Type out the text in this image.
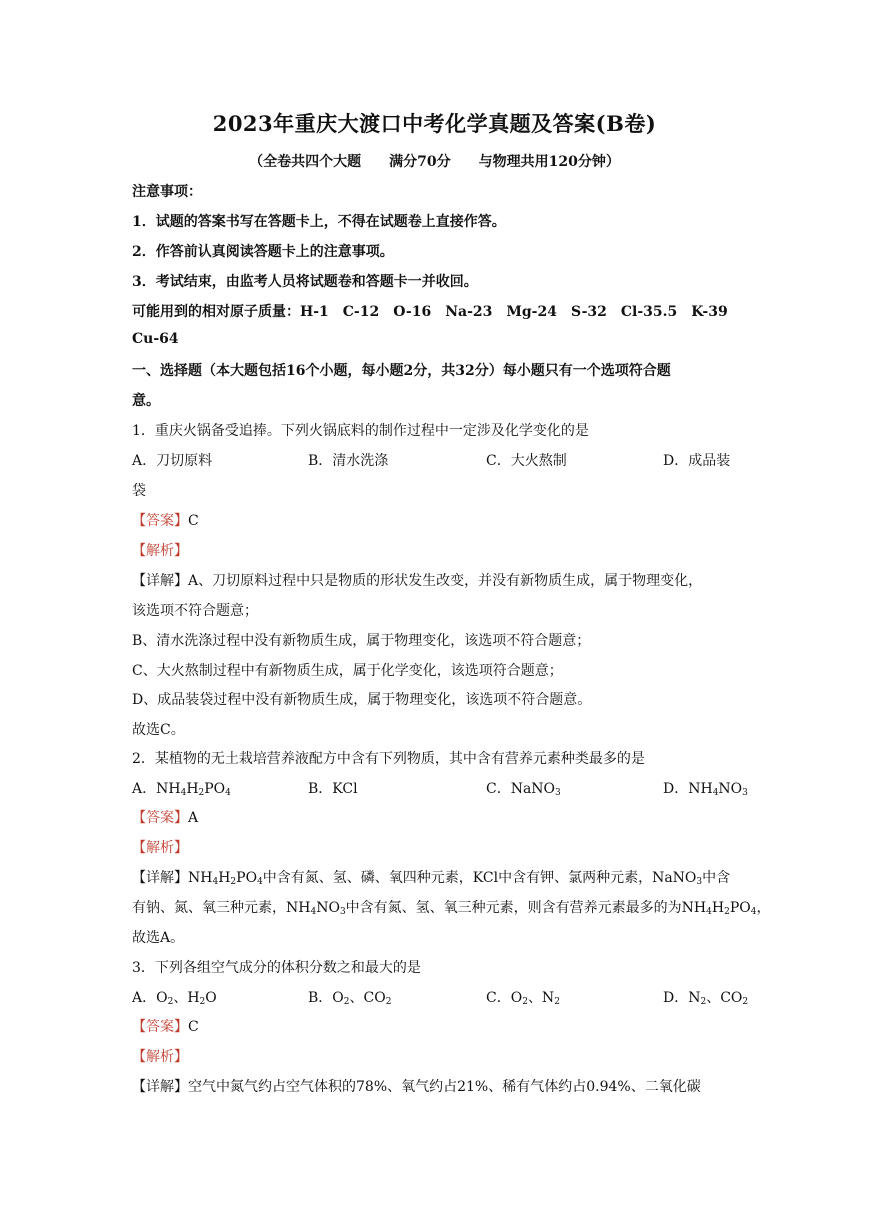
2023年重庆大渡口中考化学真题及答案(B卷)
（全卷共四个大题　　满分70分　　与物理共用120分钟）
注意事项：
1．试题的答案书写在答题卡上，不得在试题卷上直接作答。
2．作答前认真阅读答题卡上的注意事项。
3．考试结束，由监考人员将试题卷和答题卡一并收回。
可能用到的相对原子质量：H-1　C-12　O-16　Na-23　Mg-24　S-32　Cl-35.5　K-39
Cu-64
一、选择题（本大题包括16个小题，每小题2分，共32分）每小题只有一个选项符合题
意。
1．重庆火锅备受追捧。下列火锅底料的制作过程中一定涉及化学变化的是
A．刀切原料	B．清水洗涤	C．大火熬制	D．成品装
袋
【答案】C
【解析】
【详解】A、刀切原料过程中只是物质的形状发生改变，并没有新物质生成，属于物理变化，
该选项不符合题意；
B、清水洗涤过程中没有新物质生成，属于物理变化，该选项不符合题意；
C、大火熬制过程中有新物质生成，属于化学变化，该选项符合题意；
D、成品装袋过程中没有新物质生成，属于物理变化，该选项不符合题意。
故选C。
2．某植物的无土栽培营养液配方中含有下列物质，其中含有营养元素种类最多的是
A．$NH_4H_2PO_4$	B．KCl	C．NaNO$_3$	D．$NH_4NO_3$
【答案】A
【解析】
【详解】$NH_4H_2PO_4$中含有氮、氢、磷、氧四种元素，KCl中含有钾、氯两种元素，NaNO$_3$中含
有钠、氮、氧三种元素，$NH_4NO_3$中含有氮、氢、氧三种元素，则含有营养元素最多的为$NH_4H_2PO_4$，
故选A。
3．下列各组空气成分的体积分数之和最大的是
A．$O_2$、$H_2O$	B．$O_2$、$CO_2$	C．$O_2$、$N_2$	D．$N_2$、$CO_2$
【答案】C
【解析】
【详解】空气中氮气约占空气体积的78%、氧气约占21%、稀有气体约占0.94%、二氧化碳
